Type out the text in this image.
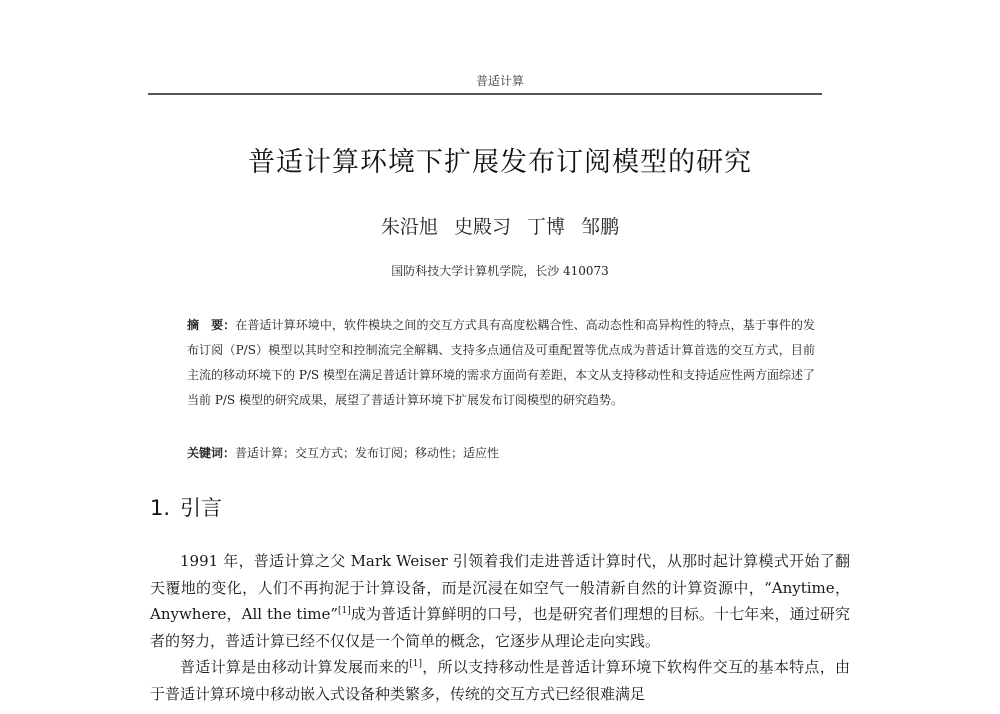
普适计算
普适计算环境下扩展发布订阅模型的研究
朱沿旭 史殿习 丁博 邹鹏
国防科技大学计算机学院，长沙 410073
摘　要：在普适计算环境中，软件模块之间的交互方式具有高度松耦合性、高动态性和高异构性的特点，基于事件的发布订阅（P/S）模型以其时空和控制流完全解耦、支持多点通信及可重配置等优点成为普适计算首选的交互方式，目前主流的移动环境下的 P/S 模型在满足普适计算环境的需求方面尚有差距，本文从支持移动性和支持适应性两方面综述了当前 P/S 模型的研究成果，展望了普适计算环境下扩展发布订阅模型的研究趋势。
关键词：普适计算；交互方式；发布订阅；移动性；适应性
1. 引言

1991 年，普适计算之父 Mark Weiser 引领着我们走进普适计算时代，从那时起计算模式开始了翻天覆地的变化，人们不再拘泥于计算设备，而是沉浸在如空气一般清新自然的计算资源中，“Anytime，Anywhere，All the time”[1]成为普适计算鲜明的口号，也是研究者们理想的目标。十七年来，通过研究者的努力，普适计算已经不仅仅是一个简单的概念，它逐步从理论走向实践。

普适计算是由移动计算发展而来的[1]，所以支持移动性是普适计算环境下软构件交互的基本特点，由于普适计算环境中移动嵌入式设备种类繁多，传统的交互方式已经很难满足
